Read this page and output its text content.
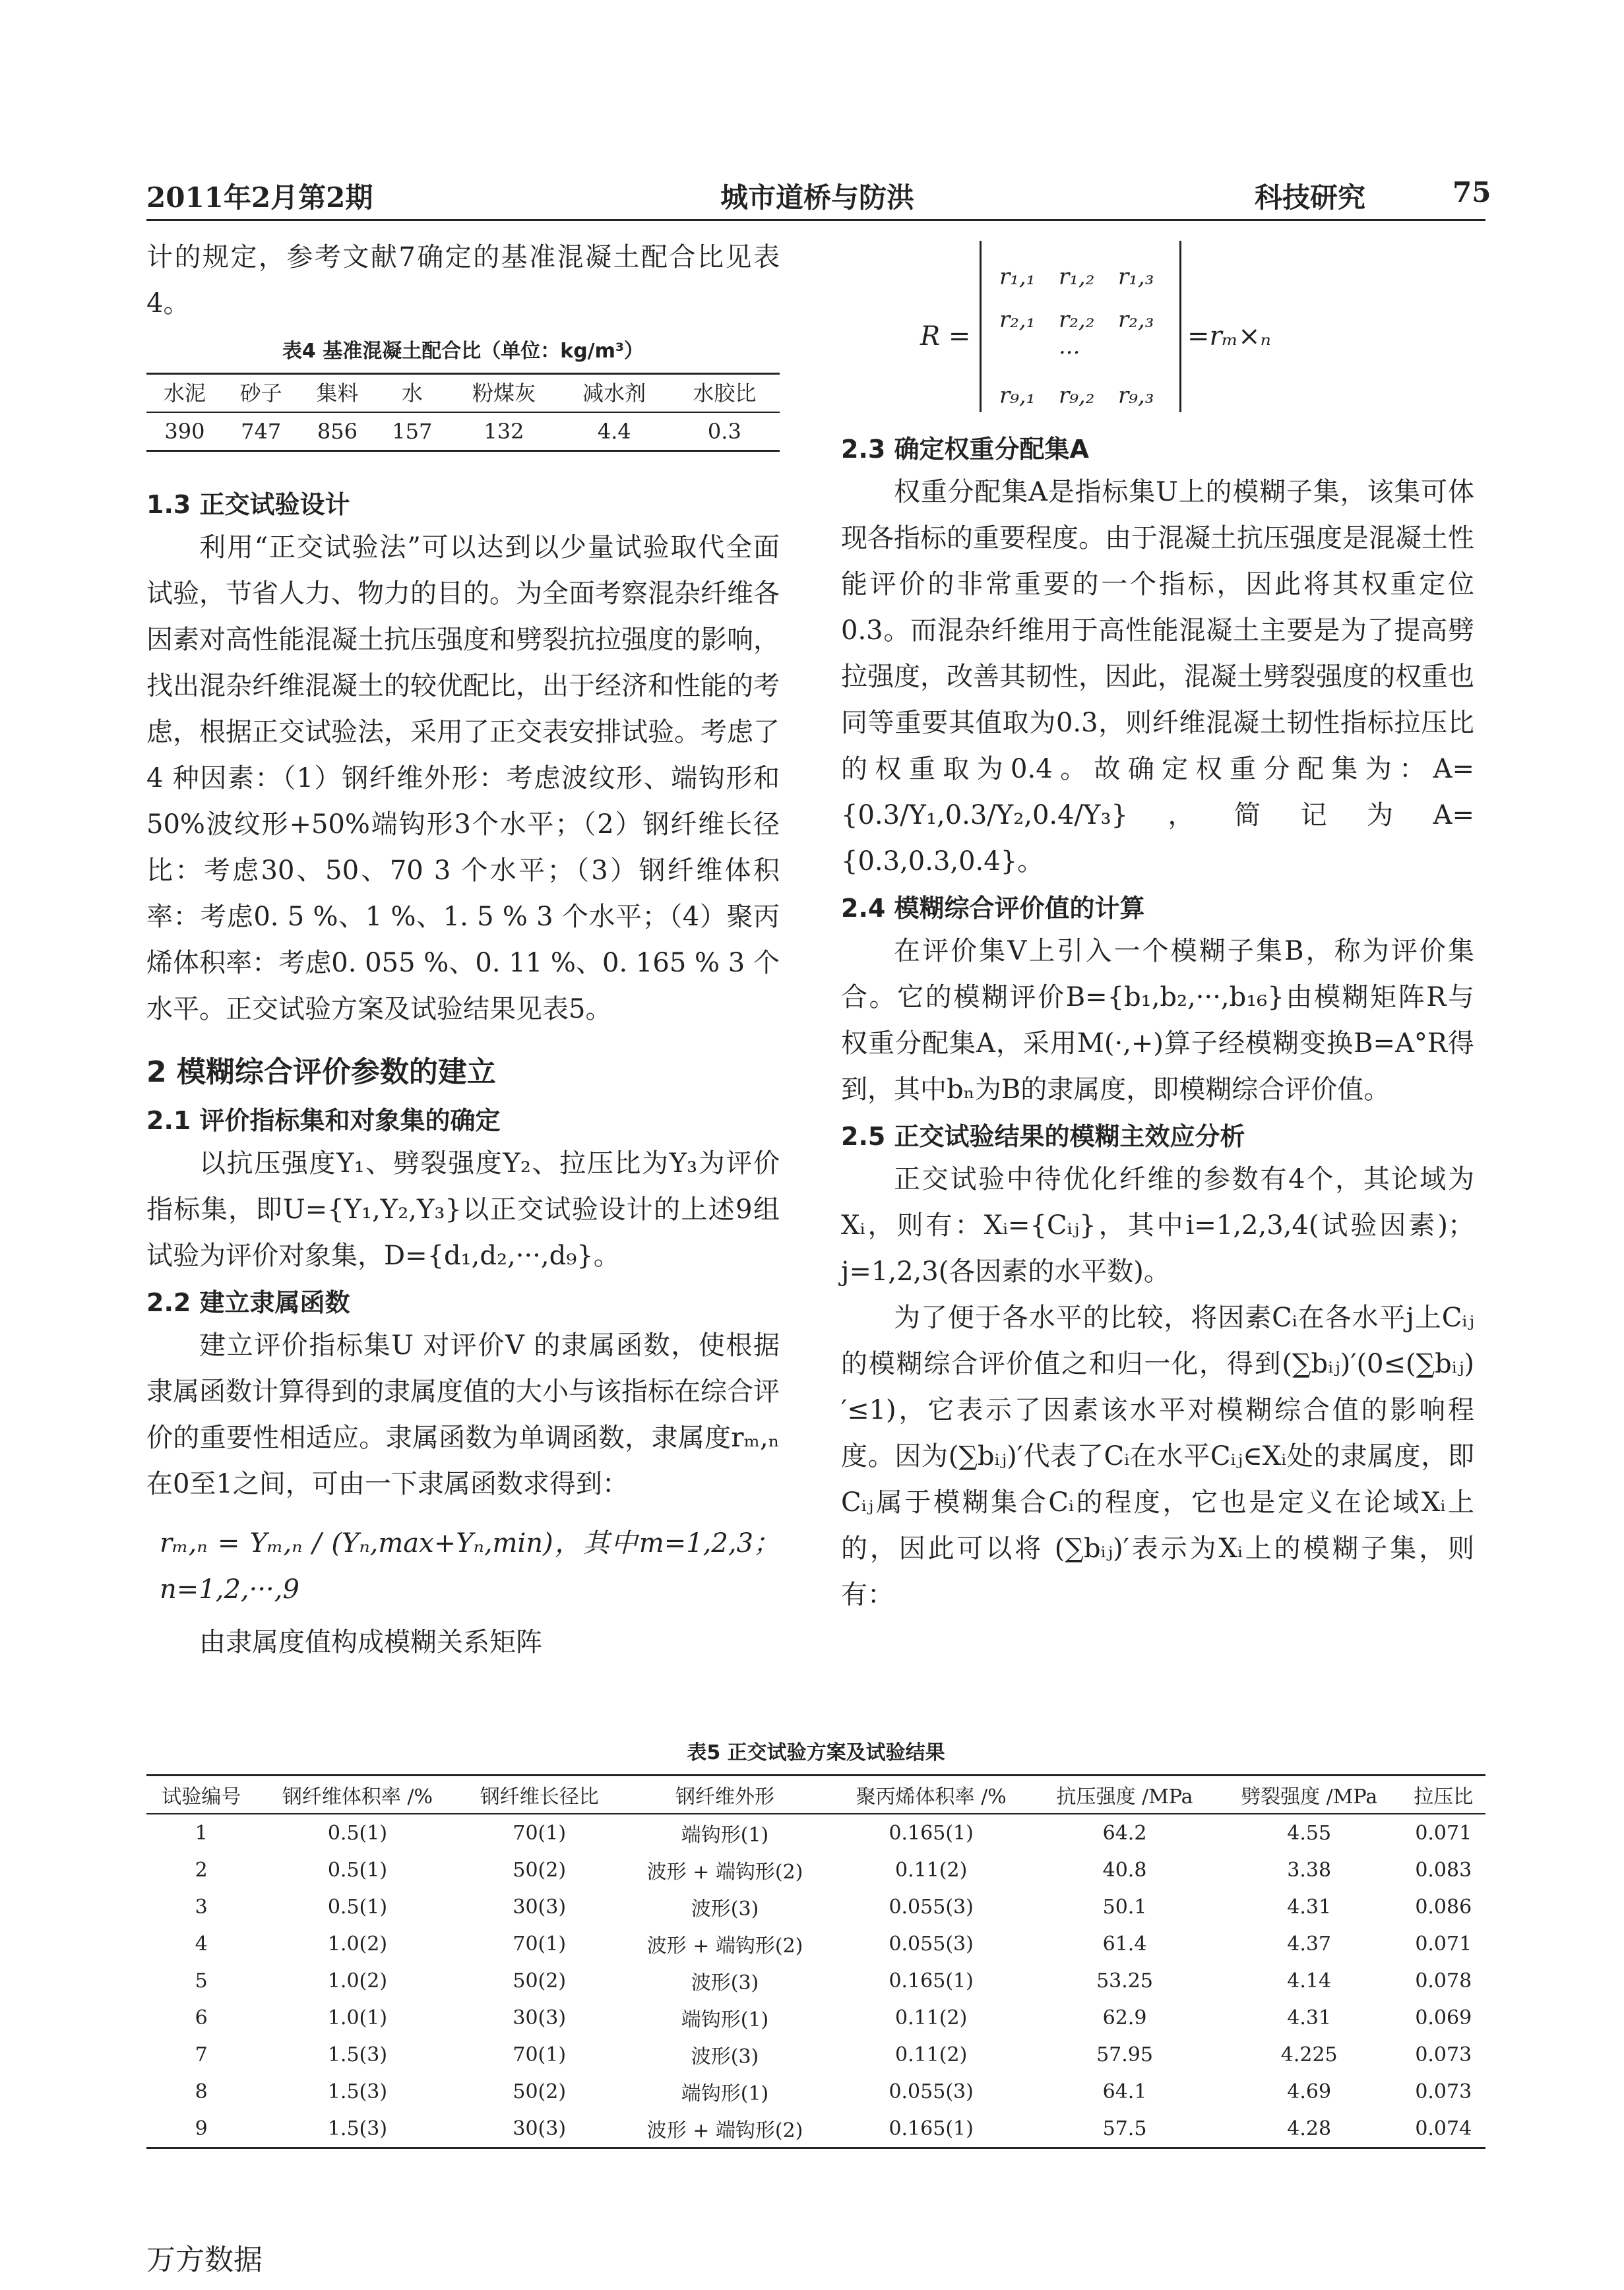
2011年2月第2期	城市道桥与防洪	科技研究	75

计的规定，参考文献7确定的基准混凝土配合比见表4。

表4 基准混凝土配合比（单位：kg/m³）
水泥	砂子	集料	水	粉煤灰	减水剂	水胶比
390	747	856	157	132	4.4	0.3
1.3 正交试验设计

利用“正交试验法”可以达到以少量试验取代全面试验，节省人力、物力的目的。为全面考察混杂纤维各因素对高性能混凝土抗压强度和劈裂抗拉强度的影响，找出混杂纤维混凝土的较优配比，出于经济和性能的考虑，根据正交试验法，采用了正交表安排试验。考虑了4 种因素：（1）钢纤维外形：考虑波纹形、端钩形和50%波纹形+50%端钩形3个水平；（2）钢纤维长径比：考虑30、50、70 3 个水平；（3）钢纤维体积率：考虑0. 5 %、1 %、1. 5 % 3 个水平；（4）聚丙烯体积率：考虑0. 055 %、0. 11 %、0. 165 % 3 个水平。正交试验方案及试验结果见表5。

2 模糊综合评价参数的建立
2.1 评价指标集和对象集的确定

以抗压强度Y₁、劈裂强度Y₂、拉压比为Y₃为评价指标集，即U={Y₁,Y₂,Y₃}以正交试验设计的上述9组试验为评价对象集，D={d₁,d₂,···,d₉}。

2.2 建立隶属函数

建立评价指标集U 对评价V 的隶属函数，使根据隶属函数计算得到的隶属度值的大小与该指标在综合评价的重要性相适应。隶属函数为单调函数，隶属度rₘ,ₙ在0至1之间，可由一下隶属函数求得到：

rₘ,ₙ = Yₘ,ₙ / (Yₙ,max+Yₙ,min)，其中m=1,2,3；n=1,2,···,9

由隶属度值构成模糊关系矩阵

R =
r₁,₁ r₁,₂ r₁,₃
r₂,₁ r₂,₂ r₂,₃
···
r₉,₁ r₉,₂ r₉,₃
=rₘ×ₙ
2.3 确定权重分配集A

权重分配集A是指标集U上的模糊子集，该集可体现各指标的重要程度。由于混凝土抗压强度是混凝土性能评价的非常重要的一个指标，因此将其权重定位0.3。而混杂纤维用于高性能混凝土主要是为了提高劈拉强度，改善其韧性，因此，混凝土劈裂强度的权重也同等重要其值取为0.3，则纤维混凝土韧性指标拉压比的权重取为0.4。故确定权重分配集为：A={0.3/Y₁,0.3/Y₂,0.4/Y₃}，简记为A={0.3,0.3,0.4}。

2.4 模糊综合评价值的计算

在评价集V上引入一个模糊子集B，称为评价集合。它的模糊评价B={b₁,b₂,···,b₁₆}由模糊矩阵R与权重分配集A，采用M(·,+)算子经模糊变换B=A°R得到，其中bₙ为B的隶属度，即模糊综合评价值。

2.5 正交试验结果的模糊主效应分析

正交试验中待优化纤维的参数有4个，其论域为Xᵢ，则有：Xᵢ={Cᵢⱼ}，其中i=1,2,3,4(试验因素)；j=1,2,3(各因素的水平数)。

为了便于各水平的比较，将因素Cᵢ在各水平j上Cᵢⱼ的模糊综合评价值之和归一化，得到(∑bᵢⱼ)′(0≤(∑bᵢⱼ)′≤1)，它表示了因素该水平对模糊综合值的影响程度。因为(∑bᵢⱼ)′代表了Cᵢ在水平Cᵢⱼ∈Xᵢ处的隶属度，即Cᵢⱼ属于模糊集合Cᵢ的程度，它也是定义在论域Xᵢ上的，因此可以将 (∑bᵢⱼ)′表示为Xᵢ上的模糊子集，则有：

表5 正交试验方案及试验结果
试验编号	钢纤维体积率 /%	钢纤维长径比	钢纤维外形	聚丙烯体积率 /%	抗压强度 /MPa	劈裂强度 /MPa	拉压比
1	0.5(1)	70(1)	端钩形(1)	0.165(1)	64.2	4.55	0.071
2	0.5(1)	50(2)	波形 + 端钩形(2)	0.11(2)	40.8	3.38	0.083
3	0.5(1)	30(3)	波形(3)	0.055(3)	50.1	4.31	0.086
4	1.0(2)	70(1)	波形 + 端钩形(2)	0.055(3)	61.4	4.37	0.071
5	1.0(2)	50(2)	波形(3)	0.165(1)	53.25	4.14	0.078
6	1.0(1)	30(3)	端钩形(1)	0.11(2)	62.9	4.31	0.069
7	1.5(3)	70(1)	波形(3)	0.11(2)	57.95	4.225	0.073
8	1.5(3)	50(2)	端钩形(1)	0.055(3)	64.1	4.69	0.073
9	1.5(3)	30(3)	波形 + 端钩形(2)	0.165(1)	57.5	4.28	0.074
万方数据
